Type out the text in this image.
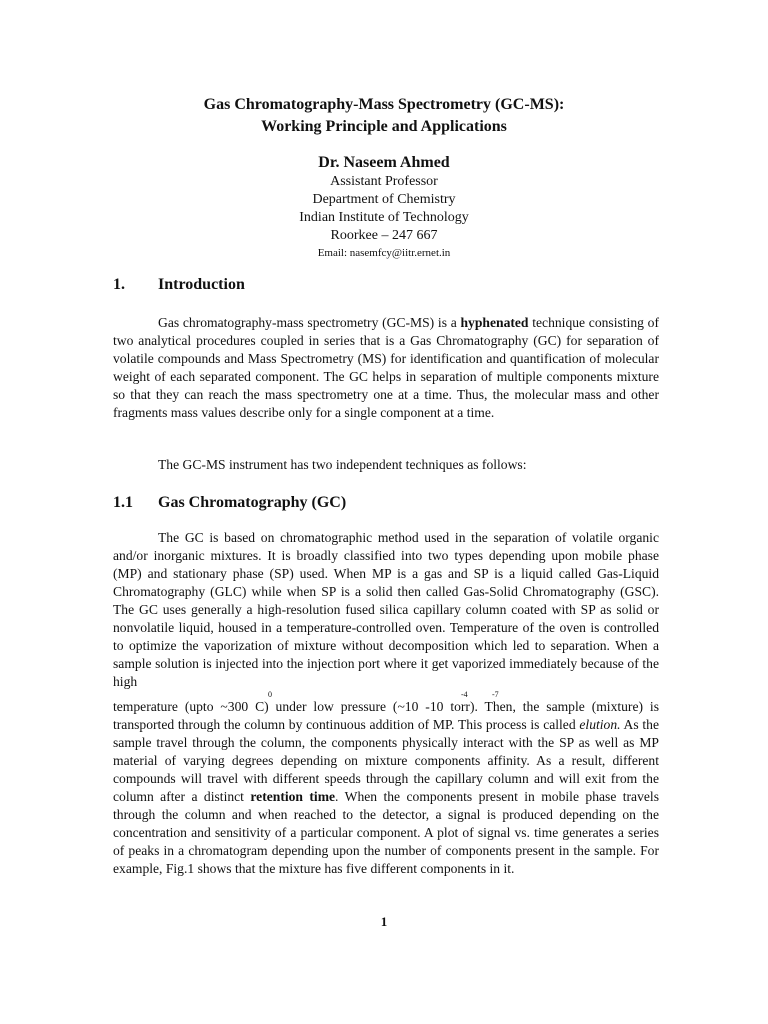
Gas Chromatography-Mass Spectrometry (GC-MS):
Working Principle and Applications
Dr. Naseem Ahmed
Assistant Professor
Department of Chemistry
Indian Institute of Technology
Roorkee – 247 667
Email: nasemfcy@iitr.ernet.in
1. Introduction

Gas chromatography-mass spectrometry (GC-MS) is a hyphenated technique consisting of two analytical procedures coupled in series that is a Gas Chromatography (GC) for separation of volatile compounds and Mass Spectrometry (MS) for identification and quantification of molecular weight of each separated component. The GC helps in separation of multiple components mixture so that they can reach the mass spectrometry one at a time. Thus, the molecular mass and other fragments mass values describe only for a single component at a time.

The GC-MS instrument has two independent techniques as follows:

1.1 Gas Chromatography (GC)

The GC is based on chromatographic method used in the separation of volatile organic and/or inorganic mixtures. It is broadly classified into two types depending upon mobile phase (MP) and stationary phase (SP) used. When MP is a gas and SP is a liquid called Gas-Liquid Chromatography (GLC) while when SP is a solid then called Gas-Solid Chromatography (GSC). The GC uses generally a high-resolution fused silica capillary column coated with SP as solid or nonvolatile liquid, housed in a temperature-controlled oven. Temperature of the oven is controlled to optimize the vaporization of mixture without decomposition which led to separation. When a sample solution is injected into the injection port where it get vaporized immediately because of the high

0	-4	-7

temperature (upto ~300 C) under low pressure (~10 -10 torr). Then, the sample (mixture) is transported through the column by continuous addition of MP. This process is called elution. As the sample travel through the column, the components physically interact with the SP as well as MP material of varying degrees depending on mixture components affinity. As a result, different compounds will travel with different speeds through the capillary column and will exit from the column after a distinct retention time. When the components present in mobile phase travels through the column and when reached to the detector, a signal is produced depending on the concentration and sensitivity of a particular component. A plot of signal vs. time generates a series of peaks in a chromatogram depending upon the number of components present in the sample. For example, Fig.1 shows that the mixture has five different components in it.

1
